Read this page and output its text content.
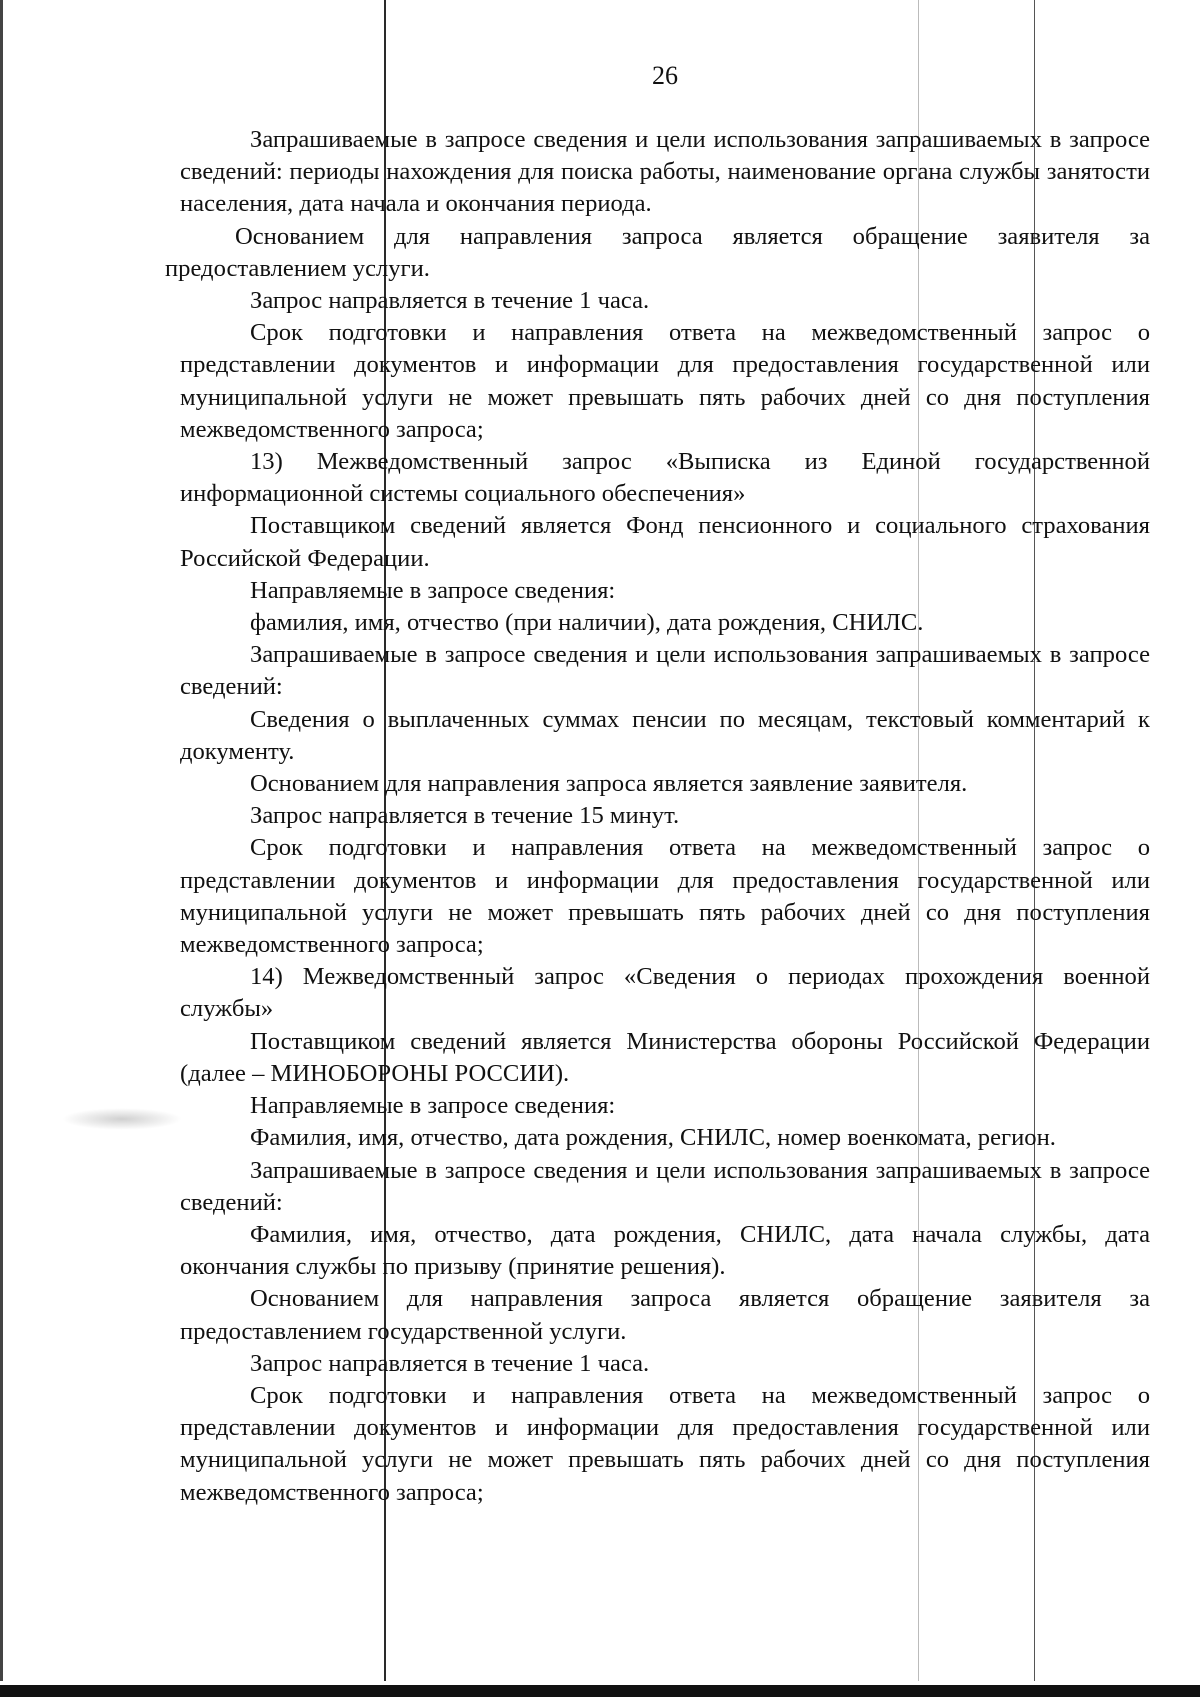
26

Запрашиваемые в запросе сведения и цели использования запрашиваемых в запросе сведений: периоды нахождения для поиска работы, наименование органа службы занятости населения, дата начала и окончания периода.

Основанием для направления запроса является обращение заявителя за предоставлением услуги.

Запрос направляется в течение 1 часа.

Срок подготовки и направления ответа на межведомственный запрос о представлении документов и информации для предоставления государственной или муниципальной услуги не может превышать пять рабочих дней со дня поступления межведомственного запроса;

13) Межведомственный запрос «Выписка из Единой государственной информационной системы социального обеспечения»

Поставщиком сведений является Фонд пенсионного и социального страхования Российской Федерации.

Направляемые в запросе сведения:

фамилия, имя, отчество (при наличии), дата рождения, СНИЛС.

Запрашиваемые в запросе сведения и цели использования запрашиваемых в запросе сведений:

Сведения о выплаченных суммах пенсии по месяцам, текстовый комментарий к документу.

Основанием для направления запроса является заявление заявителя.

Запрос направляется в течение 15 минут.

Срок подготовки и направления ответа на межведомственный запрос о представлении документов и информации для предоставления государственной или муниципальной услуги не может превышать пять рабочих дней со дня поступления межведомственного запроса;

14) Межведомственный запрос «Сведения о периодах прохождения военной службы»

Поставщиком сведений является Министерства обороны Российской Федерации (далее – МИНОБОРОНЫ РОССИИ).

Направляемые в запросе сведения:

Фамилия, имя, отчество, дата рождения, СНИЛС, номер военкомата, регион.

Запрашиваемые в запросе сведения и цели использования запрашиваемых в запросе сведений:

Фамилия, имя, отчество, дата рождения, СНИЛС, дата начала службы, дата окончания службы по призыву (принятие решения).

Основанием для направления запроса является обращение заявителя за предоставлением государственной услуги.

Запрос направляется в течение 1 часа.

Срок подготовки и направления ответа на межведомственный запрос о представлении документов и информации для предоставления государственной или муниципальной услуги не может превышать пять рабочих дней со дня поступления межведомственного запроса;
